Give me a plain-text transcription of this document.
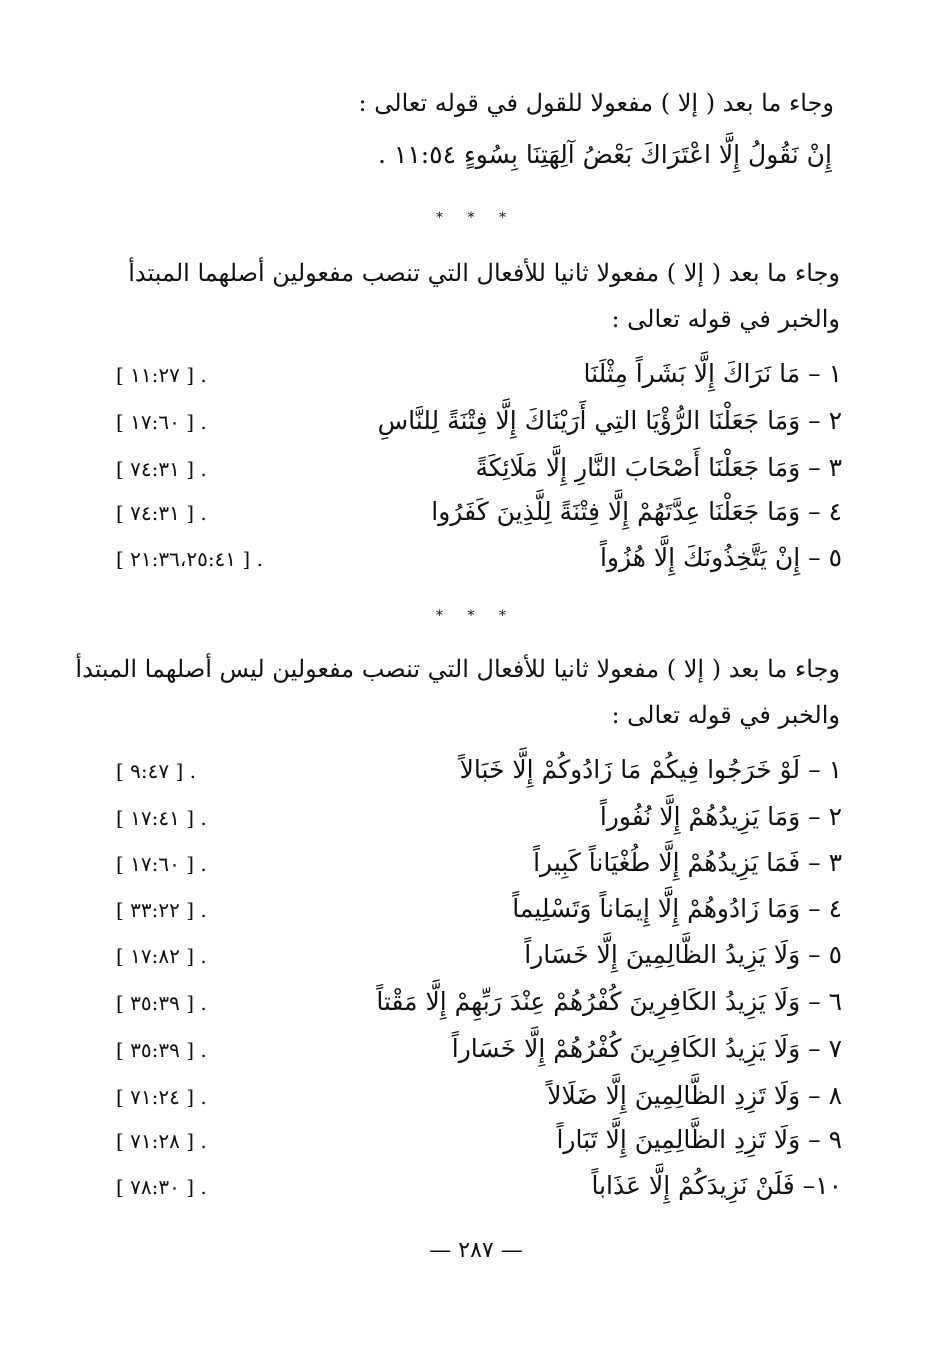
وجاء ما بعد ( إلا ) مفعولا للقول في قوله تعالى :
إِنْ نَقُولُ إِلَّا اعْتَرَاكَ بَعْضُ آلِهَتِنَا بِسُوءٍ ١١:٥٤ .
* * *
وجاء ما بعد ( إلا ) مفعولا ثانيا للأفعال التي تنصب مفعولين أصلهما المبتدأ
والخبر في قوله تعالى :
١ – مَا نَرَاكَ إِلَّا بَشَراً مِثْلَنَا
. [ ١١:٢٧ ]
٢ – وَمَا جَعَلْنَا الرُّؤْيَا التِي أَرَيْنَاكَ إِلَّا فِتْنَةً لِلنَّاسِ
. [ ١٧:٦٠ ]
٣ – وَمَا جَعَلْنَا أَصْحَابَ النَّارِ إِلَّا مَلَائِكَةً
. [ ٧٤:٣١ ]
٤ – وَمَا جَعَلْنَا عِدَّتَهُمْ إِلَّا فِتْنَةً لِلَّذِينَ كَفَرُوا
. [ ٧٤:٣١ ]
٥ – إِنْ يَتَّخِذُونَكَ إِلَّا هُزُواً
. [ ٢١:٣٦،٢٥:٤١ ]
* * *
وجاء ما بعد ( إلا ) مفعولا ثانيا للأفعال التي تنصب مفعولين ليس أصلهما المبتدأ
والخبر في قوله تعالى :
١ – لَوْ خَرَجُوا فِيكُمْ مَا زَادُوكُمْ إِلَّا خَبَالاً
. [ ٩:٤٧ ]
٢ – وَمَا يَزِيدُهُمْ إِلَّا نُفُوراً
. [ ١٧:٤١ ]
٣ – فَمَا يَزِيدُهُمْ إِلَّا طُغْيَاناً كَبِيراً
. [ ١٧:٦٠ ]
٤ – وَمَا زَادُوهُمْ إِلَّا إِيمَاناً وَتَسْلِيماً
. [ ٣٣:٢٢ ]
٥ – وَلَا يَزِيدُ الظَّالِمِينَ إِلَّا خَسَاراً
. [ ١٧:٨٢ ]
٦ – وَلَا يَزِيدُ الكَافِرِينَ كُفْرُهُمْ عِنْدَ رَبِّهِمْ إِلَّا مَقْتاً
. [ ٣٥:٣٩ ]
٧ – وَلَا يَزِيدُ الكَافِرِينَ كُفْرُهُمْ إِلَّا خَسَاراً
. [ ٣٥:٣٩ ]
٨ – وَلَا تَزِدِ الظَّالِمِينَ إِلَّا ضَلَالاً
. [ ٧١:٢٤ ]
٩ – وَلَا تَزِدِ الظَّالِمِينَ إِلَّا تَبَاراً
. [ ٧١:٢٨ ]
١٠– فَلَنْ نَزِيدَكُمْ إِلَّا عَذَاباً
. [ ٧٨:٣٠ ]
— ٢٨٧ —
